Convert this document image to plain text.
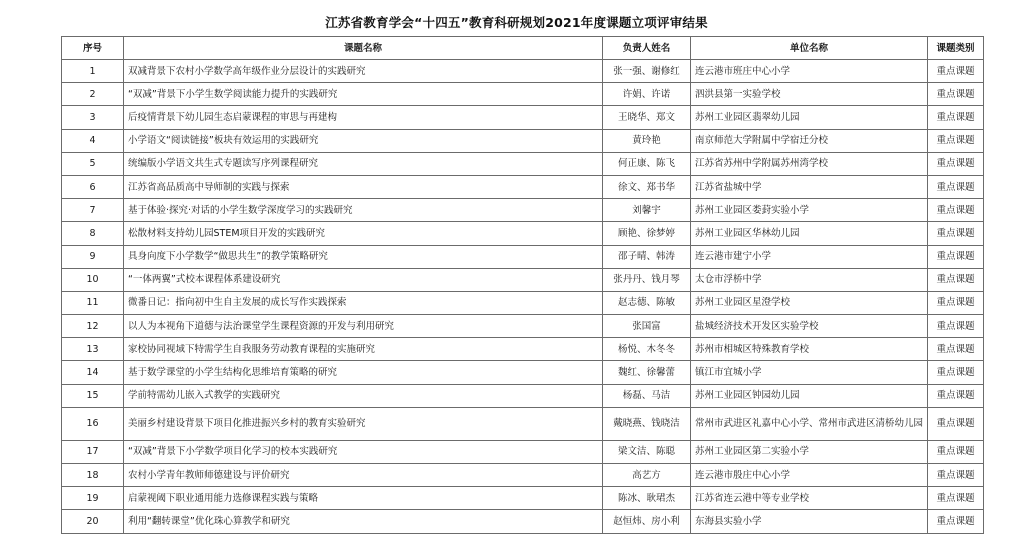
江苏省教育学会“十四五”教育科研规划2021年度课题立项评审结果
序号	课题名称	负责人姓名	单位名称	课题类别
1	双减背景下农村小学数学高年级作业分层设计的实践研究	张一强、谢修红	连云港市班庄中心小学	重点课题
2	“双减”背景下小学生数学阅读能力提升的实践研究	许娟、许诺	泗洪县第一实验学校	重点课题
3	后疫情背景下幼儿园生态启蒙课程的审思与再建构	王晓华、郑文	苏州工业园区翡翠幼儿园	重点课题
4	小学语文“阅读链接”板块有效运用的实践研究	黄玲艳	南京师范大学附属中学宿迁分校	重点课题
5	统编版小学语文共生式专题读写序列课程研究	何正康、陈飞	江苏省苏州中学附属苏州湾学校	重点课题
6	江苏省高品质高中导师制的实践与探索	徐文、郑书华	江苏省盐城中学	重点课题
7	基于体验·探究·对话的小学生数学深度学习的实践研究	刘馨宇	苏州工业园区娄葑实验小学	重点课题
8	松散材料支持幼儿园STEM项目开发的实践研究	顾艳、徐梦婷	苏州工业园区华林幼儿园	重点课题
9	具身向度下小学数学“做思共生”的教学策略研究	邵子晴、韩涛	连云港市建宁小学	重点课题
10	“一体两翼”式校本课程体系建设研究	张丹丹、钱月琴	太仓市浮桥中学	重点课题
11	微番日记：指向初中生自主发展的成长写作实践探索	赵志德、陈敏	苏州工业园区星澄学校	重点课题
12	以人为本视角下道德与法治课堂学生课程资源的开发与利用研究	张国富	盐城经济技术开发区实验学校	重点课题
13	家校协同视域下特需学生自我服务劳动教育课程的实施研究	杨悦、木冬冬	苏州市相城区特殊教育学校	重点课题
14	基于数学课堂的小学生结构化思维培育策略的研究	魏红、徐馨蕾	镇江市宜城小学	重点课题
15	学前特需幼儿嵌入式教学的实践研究	杨磊、马洁	苏州工业园区钟园幼儿园	重点课题
16	美丽乡村建设背景下项目化推进振兴乡村的教育实验研究	戴晓燕、钱晓洁	常州市武进区礼嘉中心小学、常州市武进区清桥幼儿园	重点课题
17	“双减”背景下小学数学项目化学习的校本实践研究	梁文洁、陈聪	苏州工业园区第二实验小学	重点课题
18	农村小学青年教师师德建设与评价研究	高艺方	连云港市殷庄中心小学	重点课题
19	启蒙视阈下职业通用能力选修课程实践与策略	陈冰、耿珺杰	江苏省连云港中等专业学校	重点课题
20	利用“翻转课堂”优化珠心算教学和研究	赵恒炜、房小利	东海县实验小学	重点课题
